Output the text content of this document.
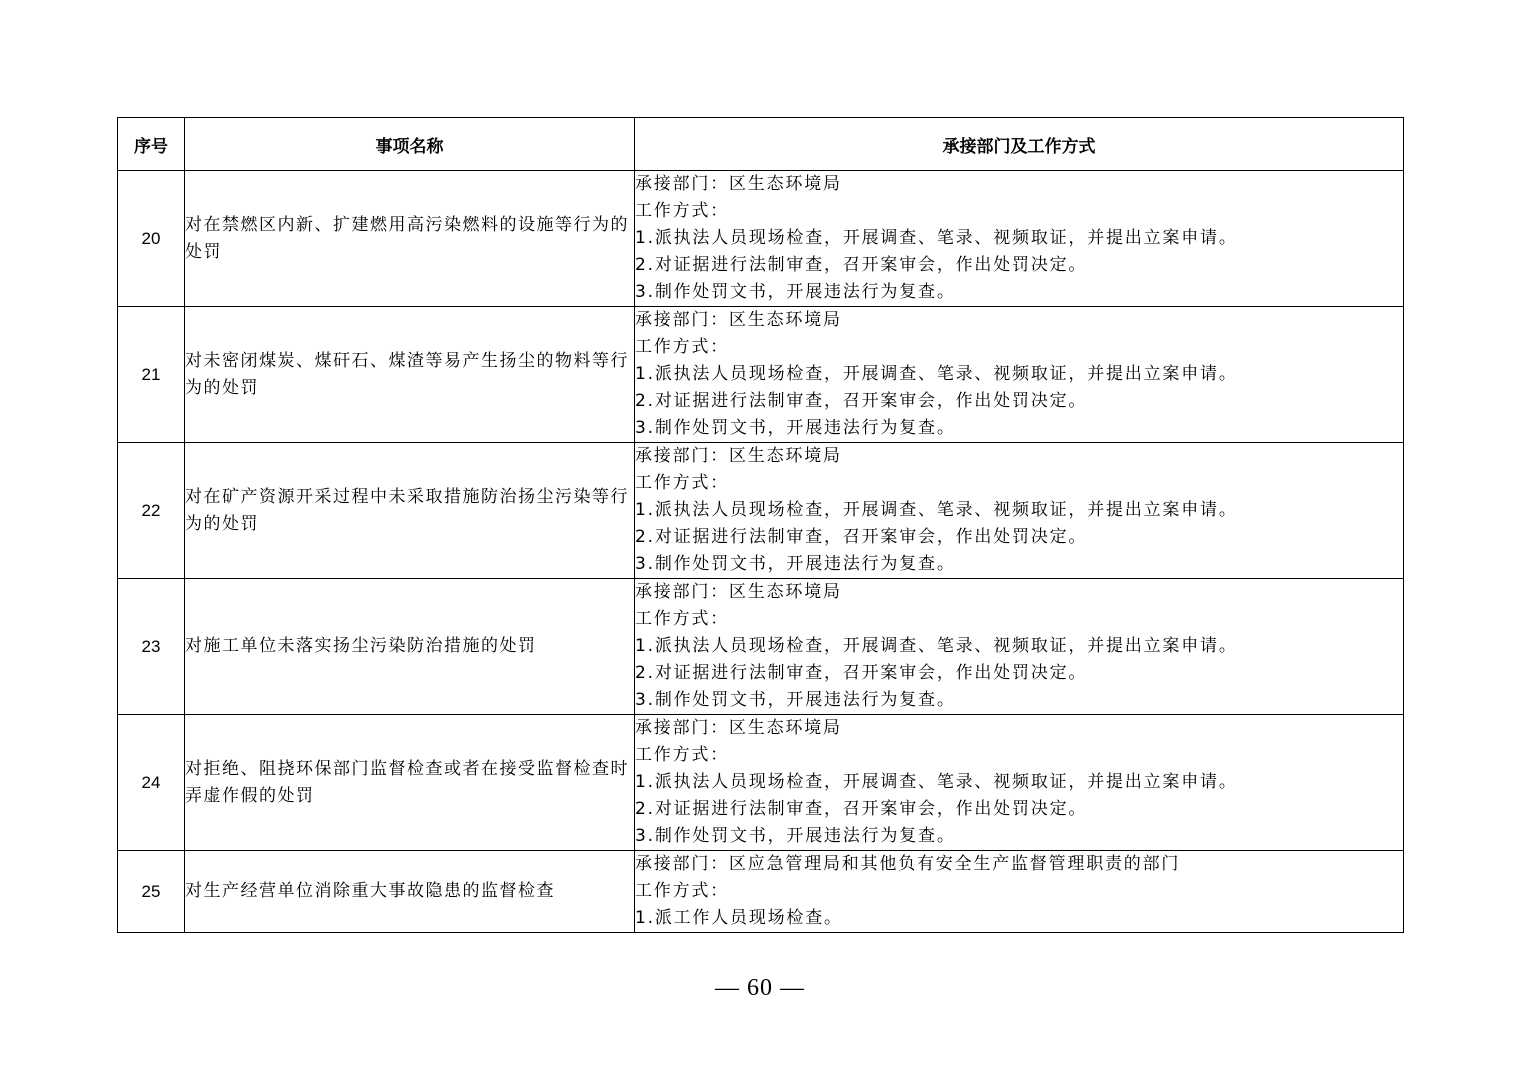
序号	事项名称	承接部门及工作方式
20	对在禁燃区内新、扩建燃用高污染燃料的设施等行为的处罚	承接部门：区生态环境局
工作方式：
1.派执法人员现场检查，开展调查、笔录、视频取证，并提出立案申请。
2.对证据进行法制审查，召开案审会，作出处罚决定。
3.制作处罚文书，开展违法行为复查。

21	对未密闭煤炭、煤矸石、煤渣等易产生扬尘的物料等行为的处罚	承接部门：区生态环境局
工作方式：
1.派执法人员现场检查，开展调查、笔录、视频取证，并提出立案申请。
2.对证据进行法制审查，召开案审会，作出处罚决定。
3.制作处罚文书，开展违法行为复查。

22	对在矿产资源开采过程中未采取措施防治扬尘污染等行为的处罚	承接部门：区生态环境局
工作方式：
1.派执法人员现场检查，开展调查、笔录、视频取证，并提出立案申请。
2.对证据进行法制审查，召开案审会，作出处罚决定。
3.制作处罚文书，开展违法行为复查。

23	对施工单位未落实扬尘污染防治措施的处罚	承接部门：区生态环境局
工作方式：
1.派执法人员现场检查，开展调查、笔录、视频取证，并提出立案申请。
2.对证据进行法制审查，召开案审会，作出处罚决定。
3.制作处罚文书，开展违法行为复查。

24	对拒绝、阻挠环保部门监督检查或者在接受监督检查时弄虚作假的处罚	承接部门：区生态环境局
工作方式：
1.派执法人员现场检查，开展调查、笔录、视频取证，并提出立案申请。
2.对证据进行法制审查，召开案审会，作出处罚决定。
3.制作处罚文书，开展违法行为复查。

25	对生产经营单位消除重大事故隐患的监督检查	承接部门：区应急管理局和其他负有安全生产监督管理职责的部门
工作方式：
1.派工作人员现场检查。
— 60 —
